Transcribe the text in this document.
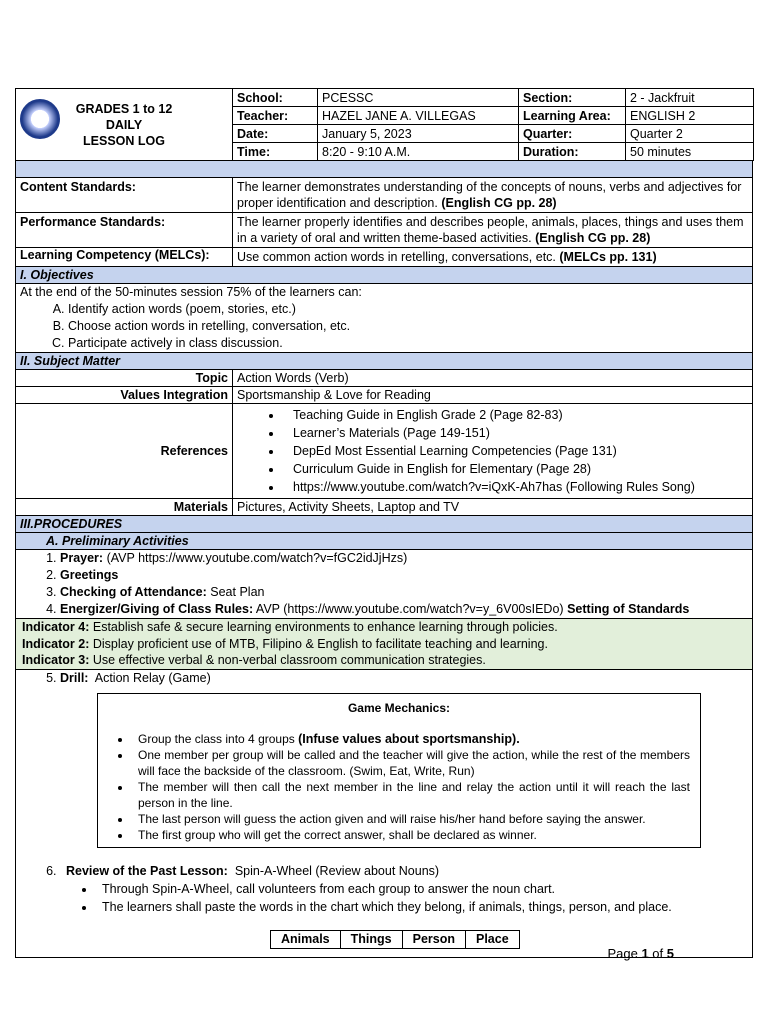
GRADES 1 to 12
DAILY
LESSON LOG	School:	PCESSC	Section:	2 - Jackfruit
	Teacher:	HAZEL JANE A. VILLEGAS	Learning Area:	ENGLISH 2
	Date:	January 5, 2023	Quarter:	Quarter 2
	Time:	8:20 - 9:10 A.M.	Duration:	50 minutes
Content Standards:	The learner demonstrates understanding of the concepts of nouns, verbs and adjectives for proper identification and description. (English CG pp. 28)
Performance Standards:	The learner properly identifies and describes people, animals, places, things and uses them in a variety of oral and written theme-based activities. (English CG pp. 28)
Learning Competency (MELCs):	Use common action words in retelling, conversations, etc. (MELCs pp. 131)
I. Objectives
At the end of the 50-minutes session 75% of the learners can:
A. Identify action words (poem, stories, etc.)
B. Choose action words in retelling, conversation, etc.
C. Participate actively in class discussion.
II. Subject Matter
Topic Action Words (Verb)
Values Integration Sportsmanship & Love for Reading
References
• Teaching Guide in English Grade 2 (Page 82-83)
• Learner’s Materials (Page 149-151)
• DepEd Most Essential Learning Competencies (Page 131)
• Curriculum Guide in English for Elementary (Page 28)
• https://www.youtube.com/watch?v=iQxK-Ah7has (Following Rules Song)
Materials Pictures, Activity Sheets, Laptop and TV
III.PROCEDURES
A. Preliminary Activities
1. Prayer: (AVP https://www.youtube.com/watch?v=fGC2idJjHzs)
2. Greetings
3. Checking of Attendance: Seat Plan
4. Energizer/Giving of Class Rules: AVP (https://www.youtube.com/watch?v=y_6V00sIEDo) Setting of Standards
Indicator 4: Establish safe & secure learning environments to enhance learning through policies.
Indicator 2: Display proficient use of MTB, Filipino & English to facilitate teaching and learning.
Indicator 3: Use effective verbal & non-verbal classroom communication strategies.
5. Drill: Action Relay (Game)
Game Mechanics:
• Group the class into 4 groups (Infuse values about sportsmanship).
• One member per group will be called and the teacher will give the action, while the rest of the members will face the backside of the classroom. (Swim, Eat, Write, Run)
• The member will then call the next member in the line and relay the action until it will reach the last person in the line.
• The last person will guess the action given and will raise his/her hand before saying the answer.
• The first group who will get the correct answer, shall be declared as winner.
6. Review of the Past Lesson: Spin-A-Wheel (Review about Nouns)
• Through Spin-A-Wheel, call volunteers from each group to answer the noun chart.
• The learners shall paste the words in the chart which they belong, if animals, things, person, and place.
Animals	Things	Person	Place
Page 1 of 5
